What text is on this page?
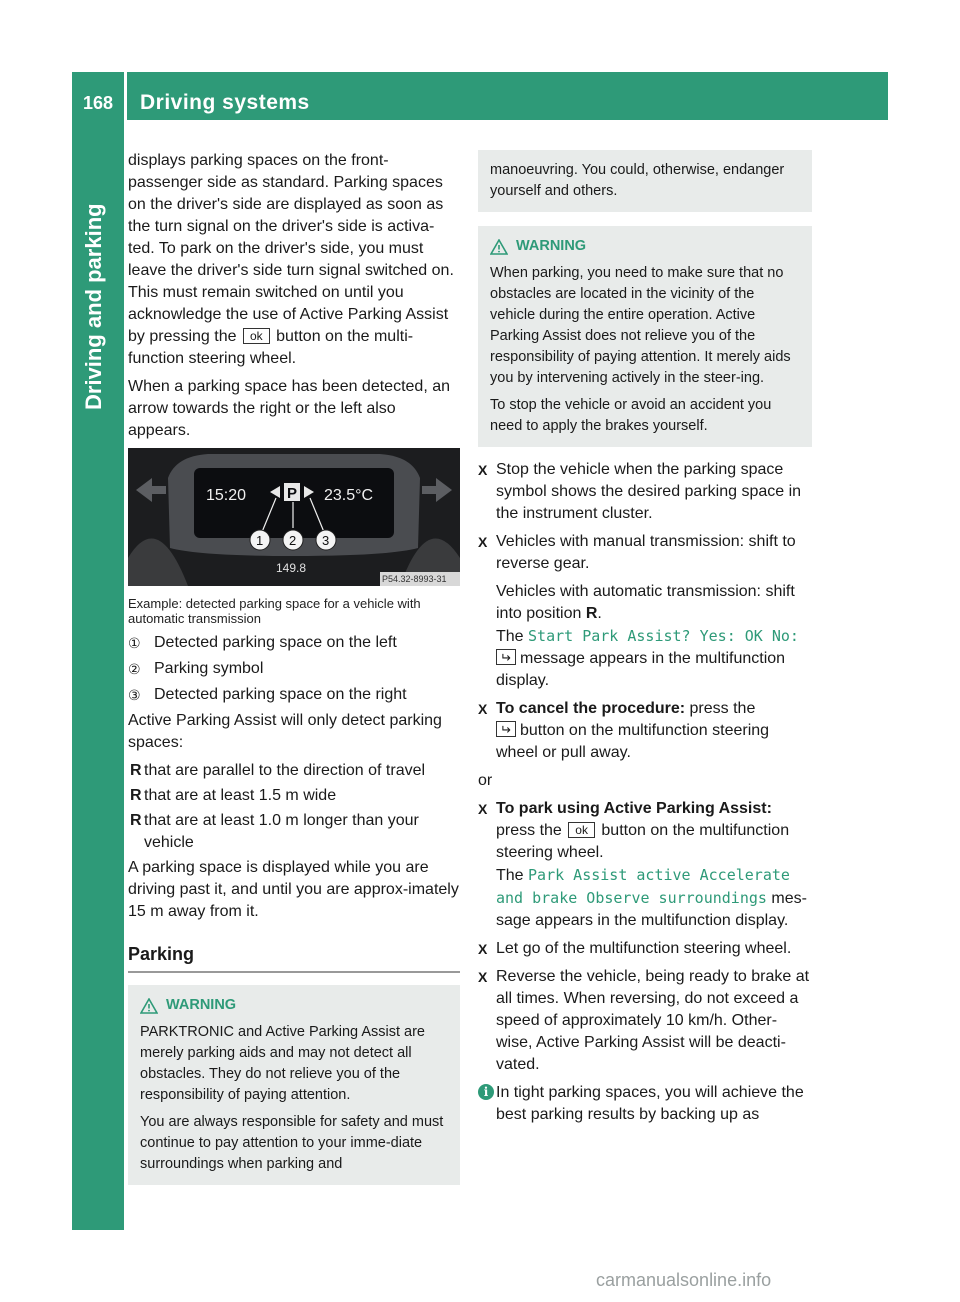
168	Driving systems
Driving and parking

displays parking spaces on the front-passenger side as standard. Parking spaces on the driver's side are displayed as soon as the turn signal on the driver's side is activa-ted. To park on the driver's side, you must leave the driver's side turn signal switched on. This must remain switched on until you acknowledge the use of Active Parking Assist by pressing the ok button on the multi-function steering wheel.

When a parking space has been detected, an arrow towards the right or the left also appears.

15:20	P 23.5°C
1 2 3
149.8
P54.32-8993-31

Example: detected parking space for a vehicle with automatic transmission

① Detected parking space on the left
② Parking symbol
③ Detected parking space on the right

Active Parking Assist will only detect parking spaces:

R that are parallel to the direction of travel
R that are at least 1.5 m wide
R that are at least 1.0 m longer than your vehicle

A parking space is displayed while you are driving past it, and until you are approx-imately 15 m away from it.

Parking
WARNING

PARKTRONIC and Active Parking Assist are merely parking aids and may not detect all obstacles. They do not relieve you of the responsibility of paying attention.

You are always responsible for safety and must continue to pay attention to your imme-diate surroundings when parking and

manoeuvring. You could, otherwise, endanger yourself and others.

WARNING

When parking, you need to make sure that no obstacles are located in the vicinity of the vehicle during the entire operation. Active Parking Assist does not relieve you of the responsibility of paying attention. It merely aids you by intervening actively in the steer-ing.

To stop the vehicle or avoid an accident you need to apply the brakes yourself.

X Stop the vehicle when the parking space symbol shows the desired parking space in the instrument cluster.
X Vehicles with manual transmission: shift to reverse gear.
Vehicles with automatic transmission: shift into position R.
The Start Park Assist? Yes: OK No:
↵message appears in the multifunction display.
X To cancel the procedure: press the
↵button on the multifunction steering wheel or pull away.

or

X To park using Active Parking Assist:
press the ok button on the multifunction steering wheel.
The Park Assist active Accelerate and brake Observe surroundings mes-sage appears in the multifunction display.
X Let go of the multifunction steering wheel.
X Reverse the vehicle, being ready to brake at all times. When reversing, do not exceed a speed of approximately 10 km/h. Other-wise, Active Parking Assist will be deacti-vated.
i In tight parking spaces, you will achieve the best parking results by backing up as
carmanualsonline.info
